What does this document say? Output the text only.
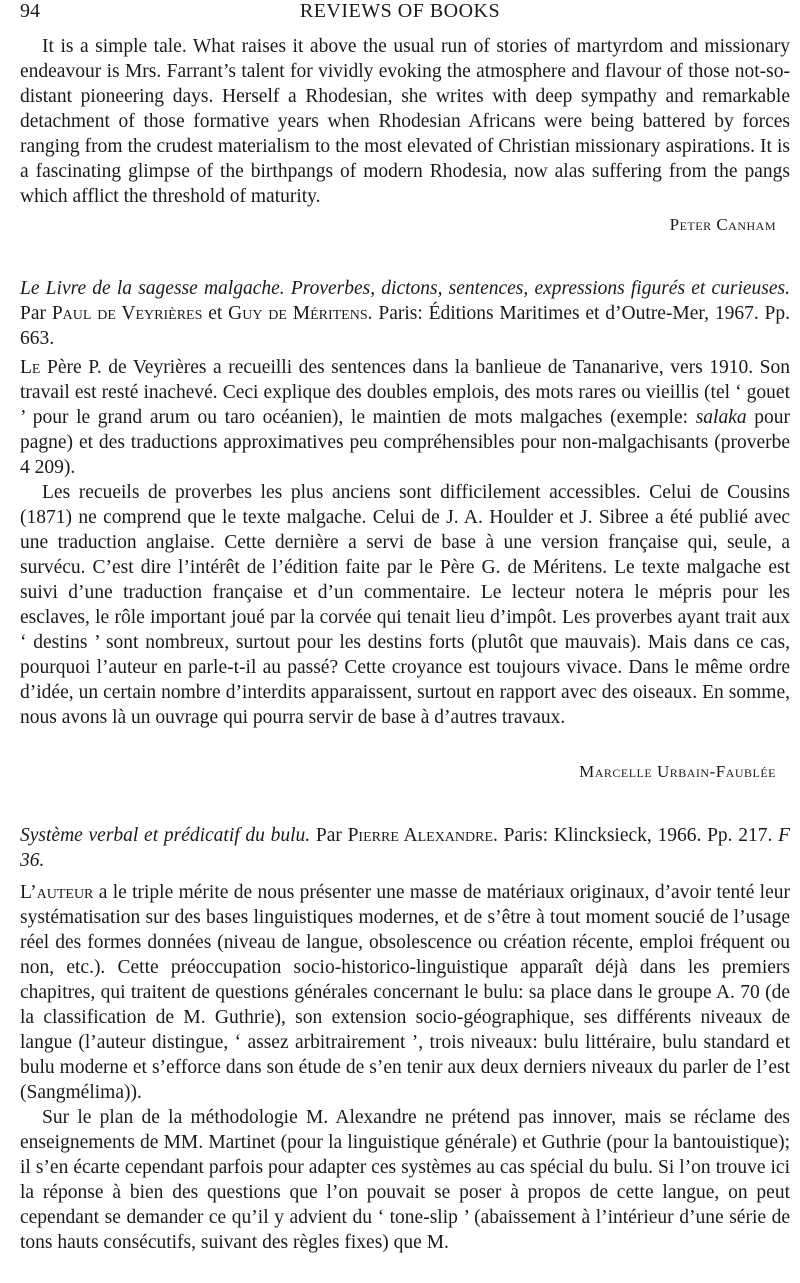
94	REVIEWS OF BOOKS

It is a simple tale. What raises it above the usual run of stories of martyrdom and missionary endeavour is Mrs. Farrant’s talent for vividly evoking the atmosphere and flavour of those not-so-distant pioneering days. Herself a Rhodesian, she writes with deep sympathy and remarkable detachment of those formative years when Rhodesian Africans were being battered by forces ranging from the crudest materialism to the most elevated of Christian missionary aspirations. It is a fascinating glimpse of the birthpangs of modern Rhodesia, now alas suffering from the pangs which afflict the threshold of maturity.

Peter Canham
Le Livre de la sagesse malgache. Proverbes, dictons, sentences, expressions figurés et curieuses. Par Paul de Veyrières et Guy de Méritens. Paris: Éditions Maritimes et d’Outre-Mer, 1967. Pp. 663.

Le Père P. de Veyrières a recueilli des sentences dans la banlieue de Tananarive, vers 1910. Son travail est resté inachevé. Ceci explique des doubles emplois, des mots rares ou vieillis (tel ‘ gouet ’ pour le grand arum ou taro océanien), le maintien de mots malgaches (exemple: salaka pour pagne) et des traductions approximatives peu compréhensibles pour non-malgachisants (proverbe 4 209).

Les recueils de proverbes les plus anciens sont difficilement accessibles. Celui de Cousins (1871) ne comprend que le texte malgache. Celui de J. A. Houlder et J. Sibree a été publié avec une traduction anglaise. Cette dernière a servi de base à une version française qui, seule, a survécu. C’est dire l’intérêt de l’édition faite par le Père G. de Méritens. Le texte malgache est suivi d’une traduction française et d’un commentaire. Le lecteur notera le mépris pour les esclaves, le rôle important joué par la corvée qui tenait lieu d’impôt. Les proverbes ayant trait aux ‘ destins ’ sont nombreux, surtout pour les destins forts (plutôt que mauvais). Mais dans ce cas, pourquoi l’auteur en parle-t-il au passé? Cette croyance est toujours vivace. Dans le même ordre d’idée, un certain nombre d’interdits apparaissent, surtout en rapport avec des oiseaux. En somme, nous avons là un ouvrage qui pourra servir de base à d’autres travaux.

Marcelle Urbain-Faublée
Système verbal et prédicatif du bulu. Par Pierre Alexandre. Paris: Klincksieck, 1966. Pp. 217. F 36.

L’auteur a le triple mérite de nous présenter une masse de matériaux originaux, d’avoir tenté leur systématisation sur des bases linguistiques modernes, et de s’être à tout moment soucié de l’usage réel des formes données (niveau de langue, obsolescence ou création récente, emploi fréquent ou non, etc.). Cette préoccupation socio-historico-linguistique apparaît déjà dans les premiers chapitres, qui traitent de questions générales concernant le bulu: sa place dans le groupe A. 70 (de la classification de M. Guthrie), son extension socio-géographique, ses différents niveaux de langue (l’auteur distingue, ‘ assez arbitrairement ’, trois niveaux: bulu littéraire, bulu standard et bulu moderne et s’efforce dans son étude de s’en tenir aux deux derniers niveaux du parler de l’est (Sangmélima)).

Sur le plan de la méthodologie M. Alexandre ne prétend pas innover, mais se réclame des enseignements de MM. Martinet (pour la linguistique générale) et Guthrie (pour la bantouistique); il s’en écarte cependant parfois pour adapter ces systèmes au cas spécial du bulu. Si l’on trouve ici la réponse à bien des questions que l’on pouvait se poser à propos de cette langue, on peut cependant se demander ce qu’il y advient du ‘ tone-slip ’ (abaissement à l’intérieur d’une série de tons hauts consécutifs, suivant des règles fixes) que M.
